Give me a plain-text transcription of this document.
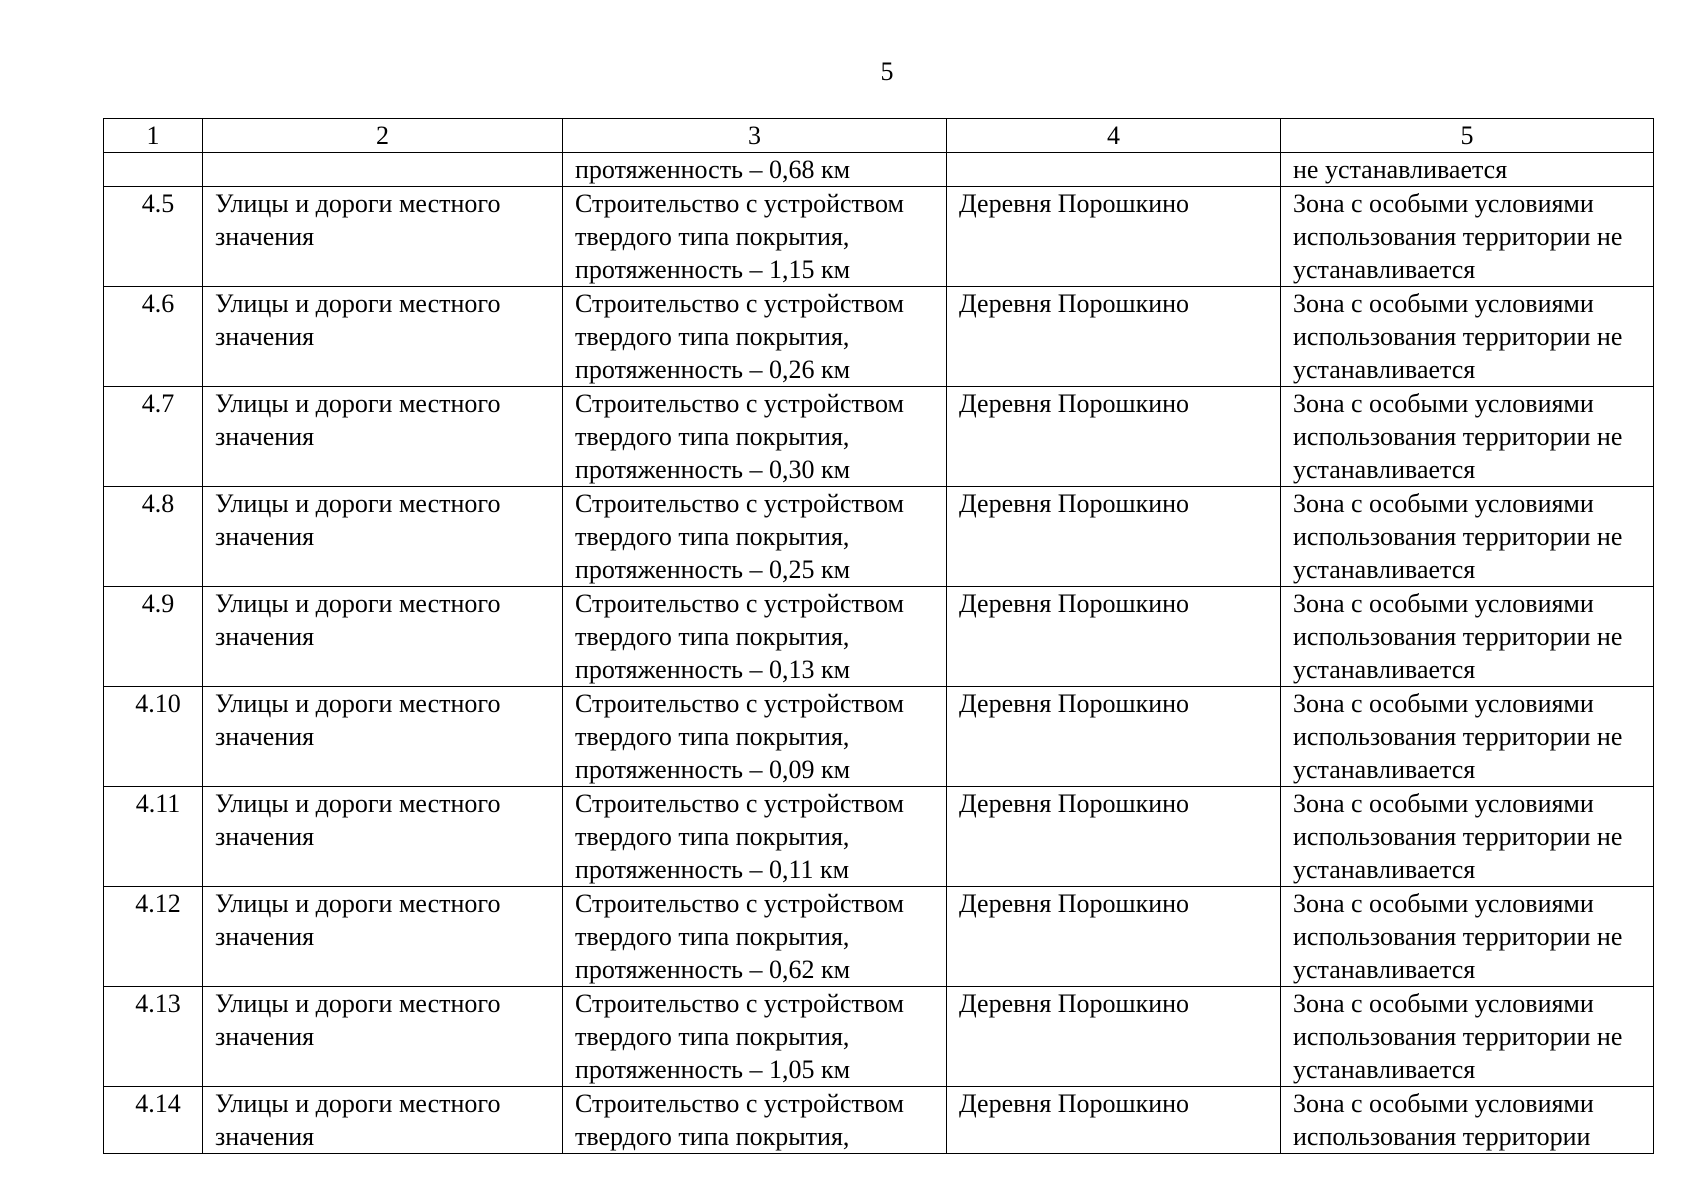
5
1	2	3	4	5
		протяженность – 0,68 км		не устанавливается
4.5	Улицы и дороги местного значения	Строительство с устройством твердого типа покрытия, протяженность – 1,15 км	Деревня Порошкино	Зона с особыми условиями использования территории не устанавливается
4.6	Улицы и дороги местного значения	Строительство с устройством твердого типа покрытия, протяженность – 0,26 км	Деревня Порошкино	Зона с особыми условиями использования территории не устанавливается
4.7	Улицы и дороги местного значения	Строительство с устройством твердого типа покрытия, протяженность – 0,30 км	Деревня Порошкино	Зона с особыми условиями использования территории не устанавливается
4.8	Улицы и дороги местного значения	Строительство с устройством твердого типа покрытия, протяженность – 0,25 км	Деревня Порошкино	Зона с особыми условиями использования территории не устанавливается
4.9	Улицы и дороги местного значения	Строительство с устройством твердого типа покрытия, протяженность – 0,13 км	Деревня Порошкино	Зона с особыми условиями использования территории не устанавливается
4.10	Улицы и дороги местного значения	Строительство с устройством твердого типа покрытия, протяженность – 0,09 км	Деревня Порошкино	Зона с особыми условиями использования территории не устанавливается
4.11	Улицы и дороги местного значения	Строительство с устройством твердого типа покрытия, протяженность – 0,11 км	Деревня Порошкино	Зона с особыми условиями использования территории не устанавливается
4.12	Улицы и дороги местного значения	Строительство с устройством твердого типа покрытия, протяженность – 0,62 км	Деревня Порошкино	Зона с особыми условиями использования территории не устанавливается
4.13	Улицы и дороги местного значения	Строительство с устройством твердого типа покрытия, протяженность – 1,05 км	Деревня Порошкино	Зона с особыми условиями использования территории не устанавливается
4.14	Улицы и дороги местного значения	Строительство с устройством твердого типа покрытия,	Деревня Порошкино	Зона с особыми условиями использования территории
